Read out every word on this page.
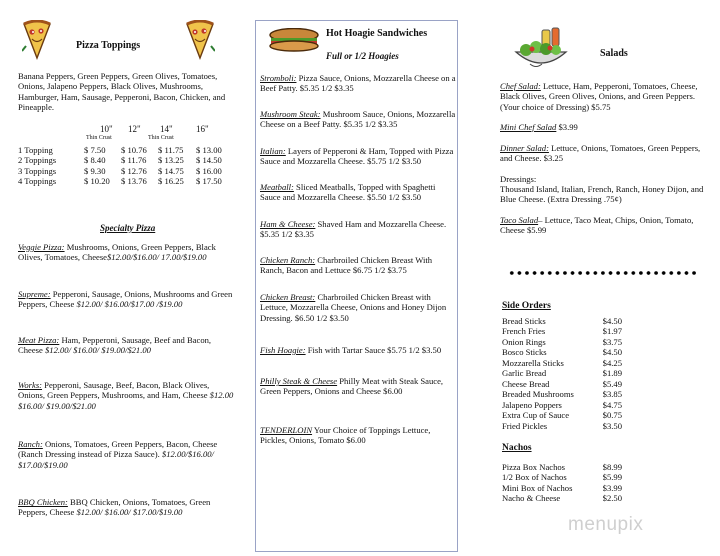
Pizza Toppings
Banana Peppers, Green Peppers, Green Olives, Tomatoes, Onions, Jalapeno Peppers, Black Olives, Mushrooms, Hamburger, Ham, Sausage, Pepperoni, Bacon, Chicken, and Pineapple.
10" 12" 14"	16"
Thin Crust	Thin Crust
1 Topping	$ 7.50	$ 10.76	$ 11.75	$ 13.00
2 Toppings	$ 8.40	$ 11.76	$ 13.25	$ 14.50
3 Toppings	$ 9.30	$ 12.76	$ 14.75	$ 16.00
4 Toppings	$ 10.20	$ 13.76	$ 16.25	$ 17.50
Specialty Pizza
Veggie Pizza: Mushrooms, Onions, Green Peppers, Black Olives, Tomatoes, Cheese$12.00/$16.00/ 17.00/$19.00
Supreme: Pepperoni, Sausage, Onions, Mushrooms and Green Peppers, Cheese $12.00/ $16.00/$17.00 /$19.00
Meat Pizza: Ham, Pepperoni, Sausage, Beef and Bacon, Cheese $12.00/ $16.00/ $19.00/$21.00
Works: Pepperoni, Sausage, Beef, Bacon, Black Olives, Onions, Green Peppers, Mushrooms, and Ham, Cheese $12.00 $16.00/ $19.00/$21.00
Ranch: Onions, Tomatoes, Green Peppers, Bacon, Cheese (Ranch Dressing instead of Pizza Sauce). $12.00/$16.00/ $17.00/$19.00
BBQ Chicken: BBQ Chicken, Onions, Tomatoes, Green Peppers, Cheese $12.00/ $16.00/ $17.00/$19.00
Hot Hoagie Sandwiches
Full or 1/2 Hoagies
Stromboli: Pizza Sauce, Onions, Mozzarella Cheese on a Beef Patty. $5.35 1/2 $3.35
Mushroom Steak: Mushroom Sauce, Onions, Mozzarella Cheese on a Beef Patty. $5.35 1/2 $3.35
Italian: Layers of Pepperoni & Ham, Topped with Pizza Sauce and Mozzarella Cheese. $5.75 1/2 $3.50
Meatball: Sliced Meatballs, Topped with Spaghetti Sauce and Mozzarella Cheese. $5.50 1/2 $3.50
Ham & Cheese: Shaved Ham and Mozzarella Cheese. $5.35 1/2 $3.35
Chicken Ranch: Charbroiled Chicken Breast With Ranch, Bacon and Lettuce $6.75 1/2 $3.75
Chicken Breast: Charbroiled Chicken Breast with Lettuce, Mozzarella Cheese, Onions and Honey Dijon Dressing. $6.50 1/2 $3.50
Fish Hoagie: Fish with Tartar Sauce $5.75 1/2 $3.50
Philly Steak & Cheese Philly Meat with Steak Sauce, Green Peppers, Onions and Cheese $6.00
TENDERLOIN Your Choice of Toppings Lettuce, Pickles, Onions, Tomato $6.00
Salads
Chef Salad: Lettuce, Ham, Pepperoni, Tomatoes, Cheese, Black Olives, Green Olives, Onions, and Green Peppers. (Your choice of Dressing) $5.75
Mini Chef Salad $3.99
Dinner Salad: Lettuce, Onions, Tomatoes, Green Peppers, and Cheese. $3.25
Dressings:
Thousand Island, Italian, French, Ranch, Honey Dijon, and Blue Cheese. (Extra Dressing .75¢)
Taco Salad– Lettuce, Taco Meat, Chips, Onion, Tomato, Cheese $5.99
Side Orders
Bread Sticks	$4.50
French Fries	$1.97
Onion Rings	$3.75
Bosco Sticks	$4.50
Mozzarella Sticks	$4.25
Garlic Bread	$1.89
Cheese Bread	$5.49
Breaded Mushrooms	$3.85
Jalapeno Poppers	$4.75
Extra Cup of Sauce	$0.75
Fried Pickles	$3.50
Nachos
Pizza Box Nachos	$8.99
1/2 Box of Nachos	$5.99
Mini Box of Nachos	$3.99
Nacho & Cheese	$2.50
menupix
